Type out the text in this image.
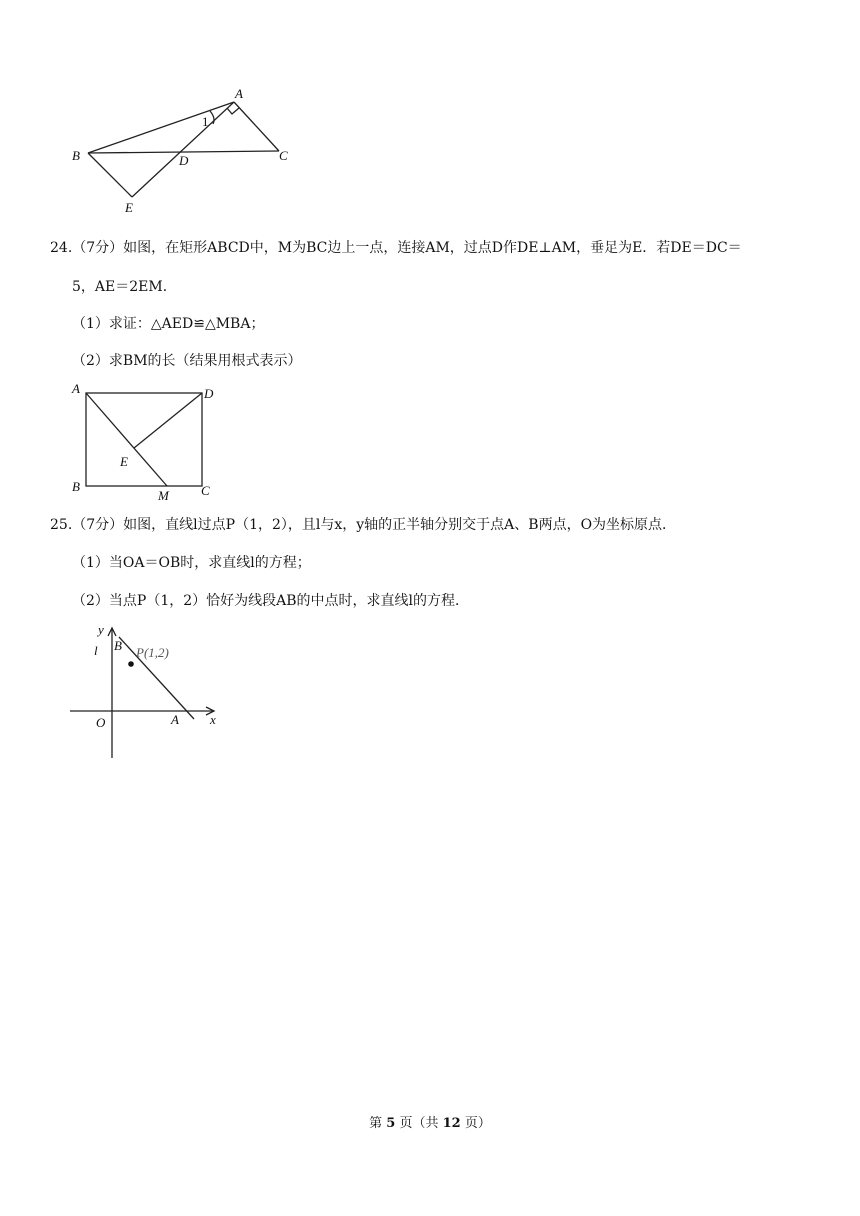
A
B	C
D
E
1
24.（7分）如图，在矩形ABCD中，M为BC边上一点，连接AM，过点D作DE⊥AM，垂足为E．若DE＝DC＝
5，AE＝2EM．
（1）求证：△AED≌△MBA；
（2）求BM的长（结果用根式表示）
A	D
E
B
M C
25.（7分）如图，直线l过点P（1，2），且l与x，y轴的正半轴分别交于点A、B两点，O为坐标原点．
（1）当OA＝OB时，求直线l的方程；
（2）当点P（1，2）恰好为线段AB的中点时，求直线l的方程．
y
l B P(1,2)
O	A x
第 5 页（共 12 页）
